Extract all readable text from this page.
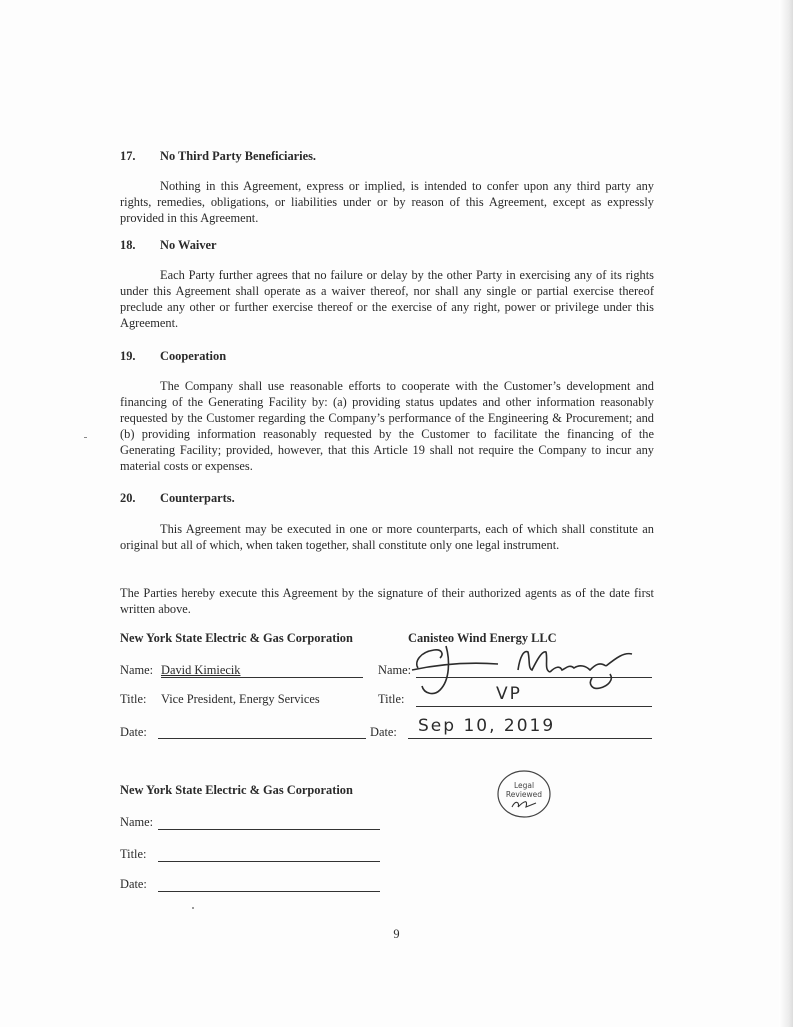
17. No Third Party Beneficiaries.
Nothing in this Agreement, express or implied, is intended to confer upon any third party any rights, remedies, obligations, or liabilities under or by reason of this Agreement, except as expressly provided in this Agreement.
18. No Waiver
Each Party further agrees that no failure or delay by the other Party in exercising any of its rights under this Agreement shall operate as a waiver thereof, nor shall any single or partial exercise thereof preclude any other or further exercise thereof or the exercise of any right, power or privilege under this Agreement.
19. Cooperation
The Company shall use reasonable efforts to cooperate with the Customer’s development and financing of the Generating Facility by: (a) providing status updates and other information reasonably requested by the Customer regarding the Company’s performance of the Engineering & Procurement; and (b) providing information reasonably requested by the Customer to facilitate the financing of the Generating Facility; provided, however, that this Article 19 shall not require the Company to incur any material costs or expenses.
20. Counterparts.
This Agreement may be executed in one or more counterparts, each of which shall constitute an original but all of which, when taken together, shall constitute only one legal instrument.
The Parties hereby execute this Agreement by the signature of their authorized agents as of the date first written above.
New York State Electric & Gas Corporation	Canisteo Wind Energy LLC
Name: David Kimiecik	Name:
Title: Vice President, Energy Services	Title:	VP
Date:	Date: Sep 10, 2019
New York State Electric & Gas Corporation
Name:
Title:
Date:
Legal
Reviewed
9
